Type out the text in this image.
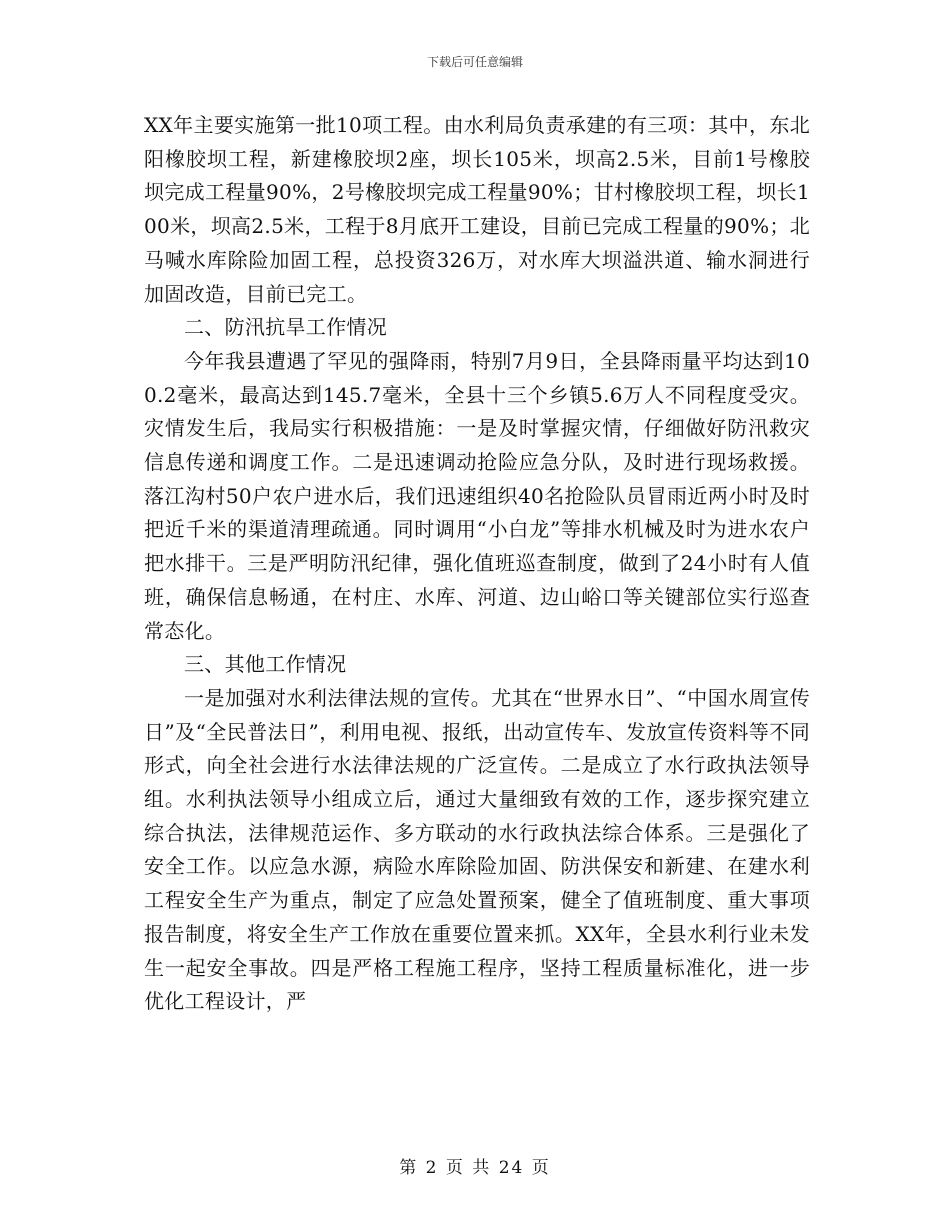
下载后可任意编辑

XX年主要实施第一批10项工程。由水利局负责承建的有三项：其中，东北阳橡胶坝工程，新建橡胶坝2座，坝长105米，坝高2.5米，目前1号橡胶坝完成工程量90%，2号橡胶坝完成工程量90%；甘村橡胶坝工程，坝长100米，坝高2.5米，工程于8月底开工建设，目前已完成工程量的90%；北马喊水库除险加固工程，总投资326万，对水库大坝溢洪道、输水洞进行加固改造，目前已完工。

二、防汛抗旱工作情况

今年我县遭遇了罕见的强降雨，特别7月9日，全县降雨量平均达到100.2毫米，最高达到145.7毫米，全县十三个乡镇5.6万人不同程度受灾。灾情发生后，我局实行积极措施：一是及时掌握灾情，仔细做好防汛救灾信息传递和调度工作。二是迅速调动抢险应急分队，及时进行现场救援。落江沟村50户农户进水后，我们迅速组织40名抢险队员冒雨近两小时及时把近千米的渠道清理疏通。同时调用“小白龙”等排水机械及时为进水农户把水排干。三是严明防汛纪律，强化值班巡查制度，做到了24小时有人值班，确保信息畅通，在村庄、水库、河道、边山峪口等关键部位实行巡查常态化。

三、其他工作情况

一是加强对水利法律法规的宣传。尤其在“世界水日”、“中国水周宣传日”及“全民普法日”，利用电视、报纸，出动宣传车、发放宣传资料等不同形式，向全社会进行水法律法规的广泛宣传。二是成立了水行政执法领导组。水利执法领导小组成立后，通过大量细致有效的工作，逐步探究建立综合执法，法律规范运作、多方联动的水行政执法综合体系。三是强化了安全工作。以应急水源，病险水库除险加固、防洪保安和新建、在建水利工程安全生产为重点，制定了应急处置预案，健全了值班制度、重大事项报告制度，将安全生产工作放在重要位置来抓。XX年，全县水利行业未发生一起安全事故。四是严格工程施工程序，坚持工程质量标准化，进一步优化工程设计，严

第 2 页 共 24 页
